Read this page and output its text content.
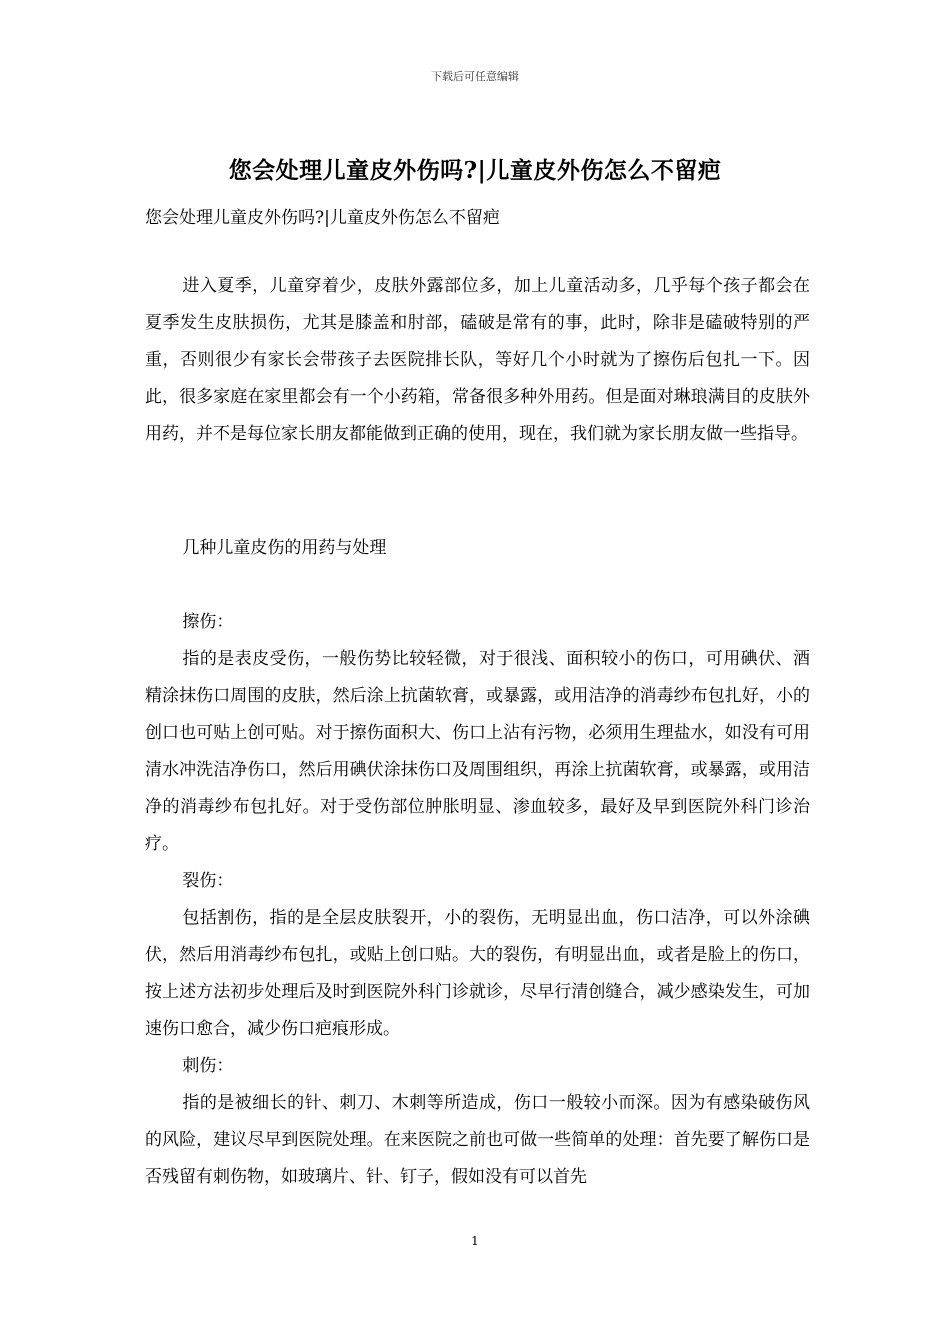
下载后可任意编辑
您会处理儿童皮外伤吗?|儿童皮外伤怎么不留疤
您会处理儿童皮外伤吗?|儿童皮外伤怎么不留疤

进入夏季，儿童穿着少，皮肤外露部位多，加上儿童活动多，几乎每个孩子都会在夏季发生皮肤损伤，尤其是膝盖和肘部，磕破是常有的事，此时，除非是磕破特别的严重，否则很少有家长会带孩子去医院排长队，等好几个小时就为了擦伤后包扎一下。因此，很多家庭在家里都会有一个小药箱，常备很多种外用药。但是面对琳琅满目的皮肤外用药，并不是每位家长朋友都能做到正确的使用，现在，我们就为家长朋友做一些指导。

几种儿童皮伤的用药与处理

擦伤：

指的是表皮受伤，一般伤势比较轻微，对于很浅、面积较小的伤口，可用碘伏、酒精涂抹伤口周围的皮肤，然后涂上抗菌软膏，或暴露，或用洁净的消毒纱布包扎好，小的创口也可贴上创可贴。对于擦伤面积大、伤口上沾有污物，必须用生理盐水，如没有可用清水冲洗洁净伤口，然后用碘伏涂抹伤口及周围组织，再涂上抗菌软膏，或暴露，或用洁净的消毒纱布包扎好。对于受伤部位肿胀明显、渗血较多，最好及早到医院外科门诊治疗。

裂伤：

包括割伤，指的是全层皮肤裂开，小的裂伤，无明显出血，伤口洁净，可以外涂碘伏，然后用消毒纱布包扎，或贴上创口贴。大的裂伤，有明显出血，或者是脸上的伤口，按上述方法初步处理后及时到医院外科门诊就诊，尽早行清创缝合，减少感染发生，可加速伤口愈合，减少伤口疤痕形成。

刺伤：

指的是被细长的针、刺刀、木刺等所造成，伤口一般较小而深。因为有感染破伤风的风险，建议尽早到医院处理。在来医院之前也可做一些简单的处理：首先要了解伤口是否残留有刺伤物，如玻璃片、针、钉子，假如没有可以首先

1
